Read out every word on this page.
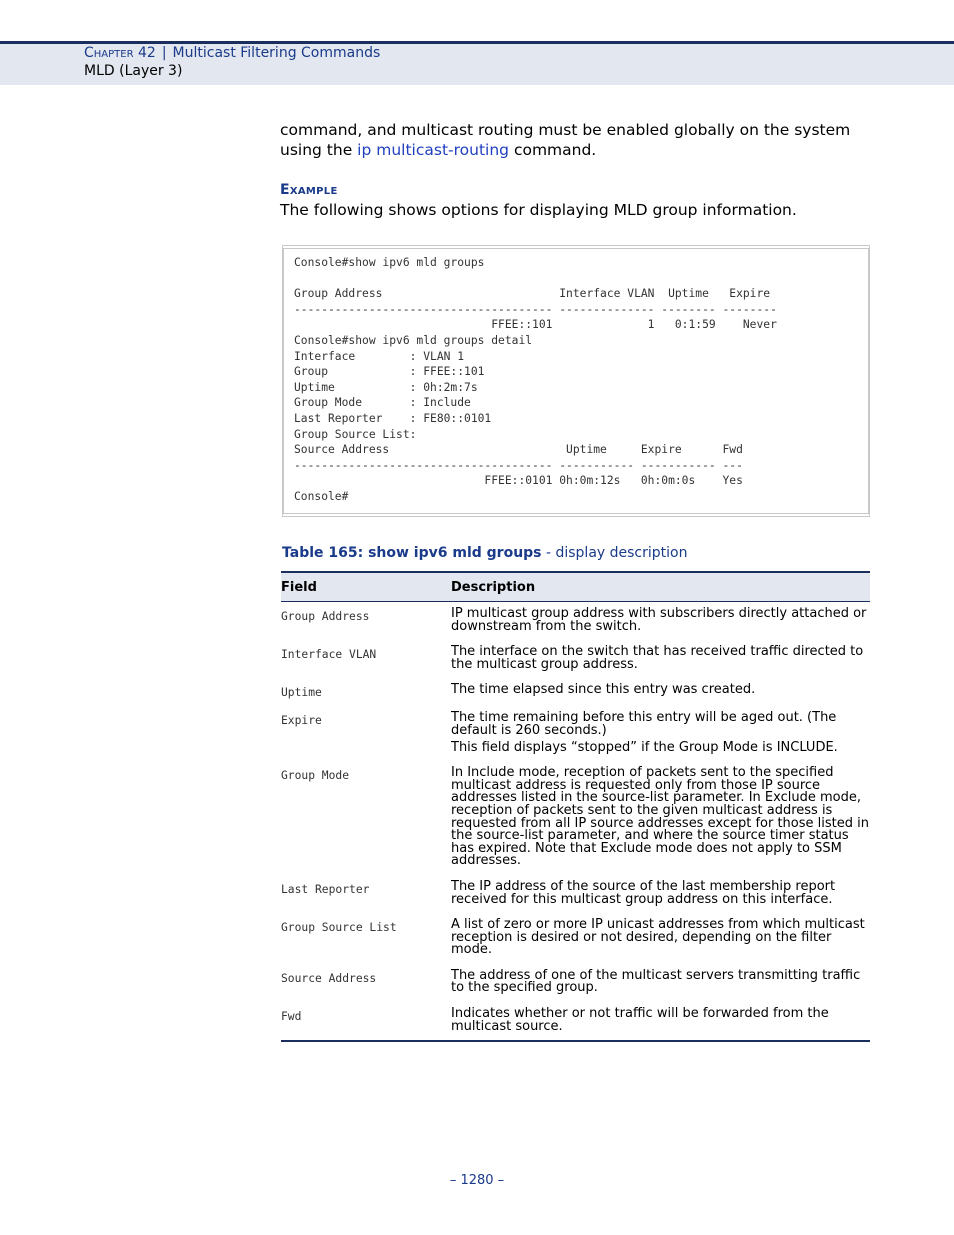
Chapter 42 | Multicast Filtering Commands
MLD (Layer 3)
command, and multicast routing must be enabled globally on the system using the ip multicast-routing command.
Example
The following shows options for displaying MLD group information.
Console#show ipv6 mld groups

Group Address                          Interface VLAN  Uptime   Expire
-------------------------------------- -------------- -------- --------
FFEE::101              1   0:1:59    Never
Console#show ipv6 mld groups detail
Interface        : VLAN 1
Group            : FFEE::101
Uptime           : 0h:2m:7s
Group Mode       : Include
Last Reporter    : FE80::0101
Group Source List:
Source Address                          Uptime     Expire      Fwd
-------------------------------------- ----------- ----------- ---
FFEE::0101 0h:0m:12s   0h:0m:0s    Yes
Console#
Table 165: show ipv6 mld groups - display description
Field	Description
Group Address	IP multicast group address with subscribers directly attached or downstream from the switch.

Interface VLAN	The interface on the switch that has received traffic directed to the multicast group address.

Uptime	The time elapsed since this entry was created.

Expire	The time remaining before this entry will be aged out. (The default is 260 seconds.)

This field displays “stopped” if the Group Mode is INCLUDE.

Group Mode	In Include mode, reception of packets sent to the specified multicast address is requested only from those IP source addresses listed in the source-list parameter. In Exclude mode, reception of packets sent to the given multicast address is requested from all IP source addresses except for those listed in the source-list parameter, and where the source timer status has expired. Note that Exclude mode does not apply to SSM addresses.

Last Reporter	The IP address of the source of the last membership report received for this multicast group address on this interface.

Group Source List	A list of zero or more IP unicast addresses from which multicast reception is desired or not desired, depending on the filter mode.

Source Address	The address of one of the multicast servers transmitting traffic to the specified group.

Fwd	Indicates whether or not traffic will be forwarded from the multicast source.

– 1280 –
